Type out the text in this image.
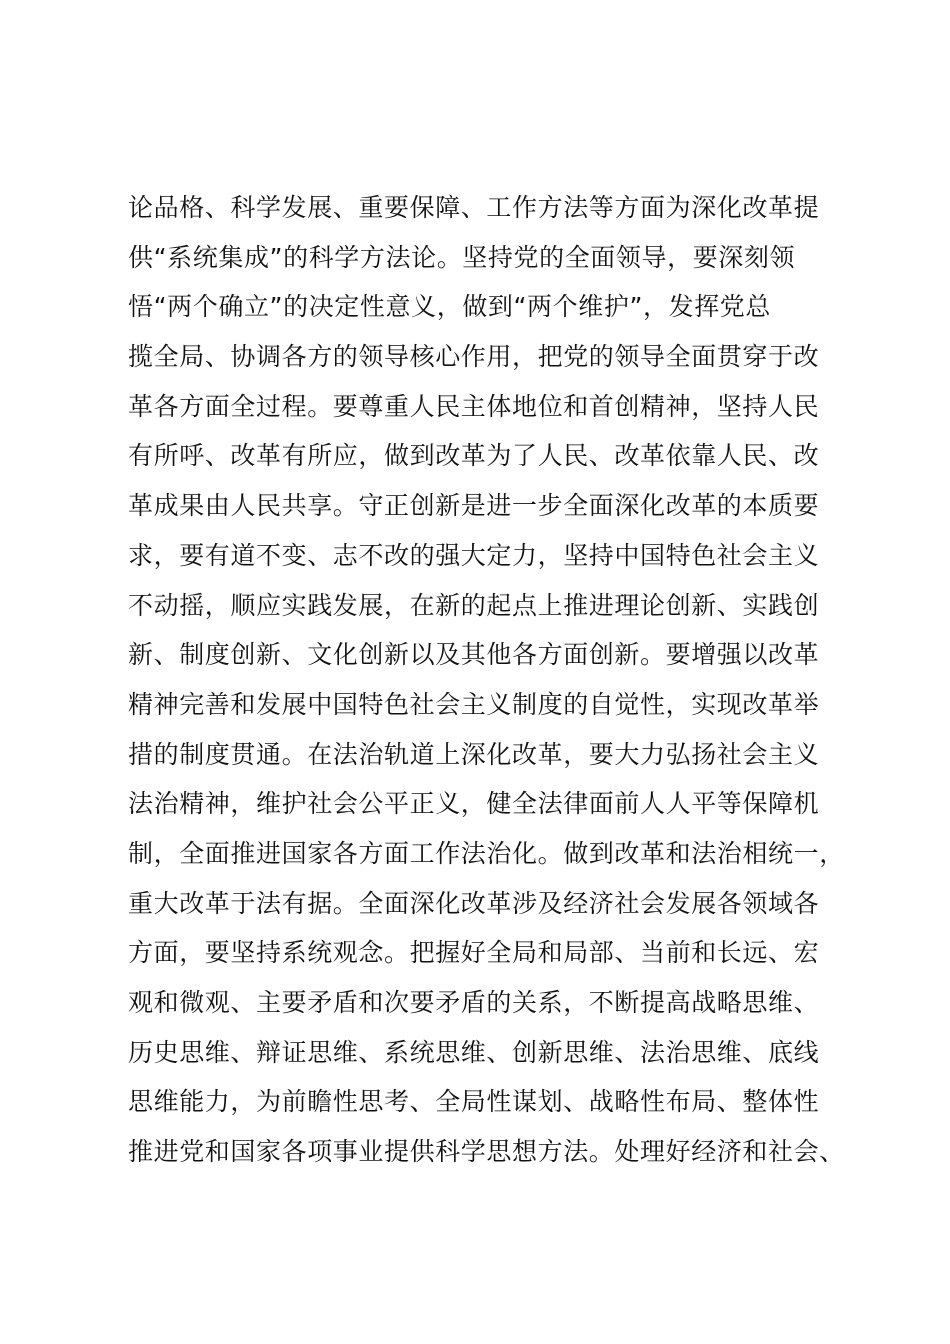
论品格、科学发展、重要保障、工作方法等方面为深化改革提
供“系统集成”的科学方法论。坚持党的全面领导，要深刻领
悟“两个确立”的决定性意义，做到“两个维护”，发挥党总
揽全局、协调各方的领导核心作用，把党的领导全面贯穿于改
革各方面全过程。要尊重人民主体地位和首创精神，坚持人民
有所呼、改革有所应，做到改革为了人民、改革依靠人民、改
革成果由人民共享。守正创新是进一步全面深化改革的本质要
求，要有道不变、志不改的强大定力，坚持中国特色社会主义
不动摇，顺应实践发展，在新的起点上推进理论创新、实践创
新、制度创新、文化创新以及其他各方面创新。要增强以改革
精神完善和发展中国特色社会主义制度的自觉性，实现改革举
措的制度贯通。在法治轨道上深化改革，要大力弘扬社会主义
法治精神，维护社会公平正义，健全法律面前人人平等保障机
制，全面推进国家各方面工作法治化。做到改革和法治相统一，
重大改革于法有据。全面深化改革涉及经济社会发展各领域各
方面，要坚持系统观念。把握好全局和局部、当前和长远、宏
观和微观、主要矛盾和次要矛盾的关系，不断提高战略思维、
历史思维、辩证思维、系统思维、创新思维、法治思维、底线
思维能力，为前瞻性思考、全局性谋划、战略性布局、整体性
推进党和国家各项事业提供科学思想方法。处理好经济和社会、
